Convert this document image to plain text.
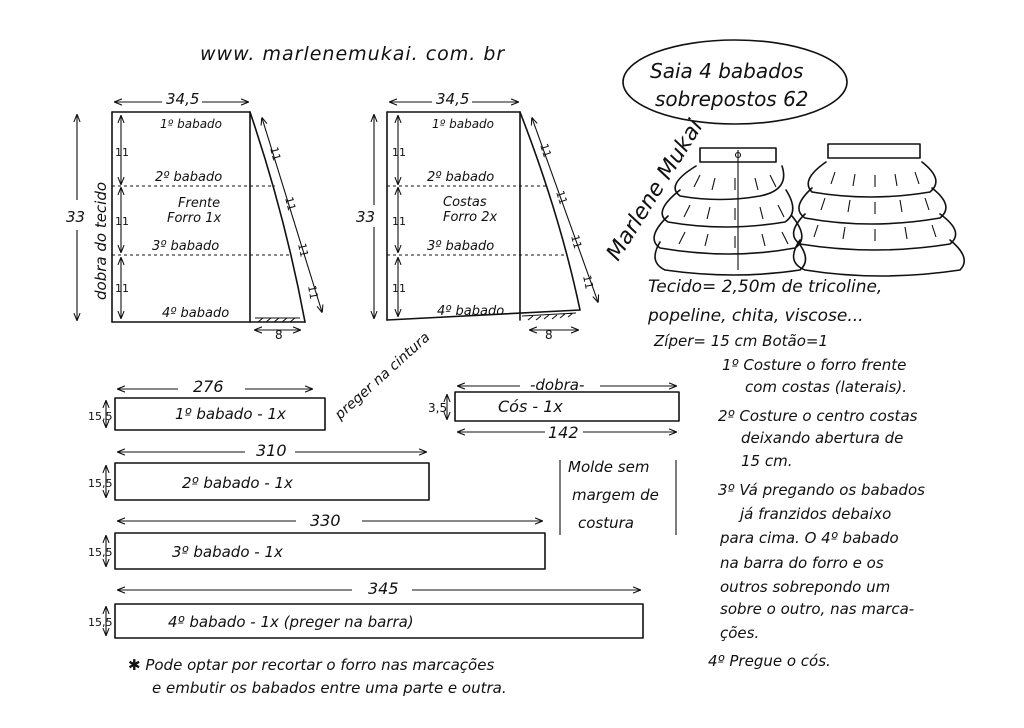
www. marlenemukai. com. br
Saia 4 babados
sobrepostos 62
Marlene Mukai
34,5
33 dobra do tecido
11
11
11
11
11
11
11
1º babado
2º babado
3º babado
4º babado
Frente
Forro 1x
8
34,5
33
11
11
11
11
11
11
11
1º babado
2º babado
3º babado
4º babado
Costas
Forro 2x
8
Tecido= 2,50m de tricoline,
popeline, chita, viscose...
Zíper= 15 cm Botão=1
1º Costure o forro frente
com costas (laterais).
2º Costure o centro costas
deixando abertura de
15 cm.
3º Vá pregando os babados
já franzidos debaixo
para cima. O 4º babado
na barra do forro e os
outros sobrepondo um
sobre o outro, nas marca-
ções.
4º Pregue o cós.
-dobra-
3,5	Cós - 1x
142
Molde sem
margem de
costura
276
15,5	1º babado - 1x	preger na cintura
310
15,5	2º babado - 1x
330
15,5	3º babado - 1x
345
15,5	4º babado - 1x (preger na barra)
✱ Pode optar por recortar o forro nas marcações
e embutir os babados entre uma parte e outra.
